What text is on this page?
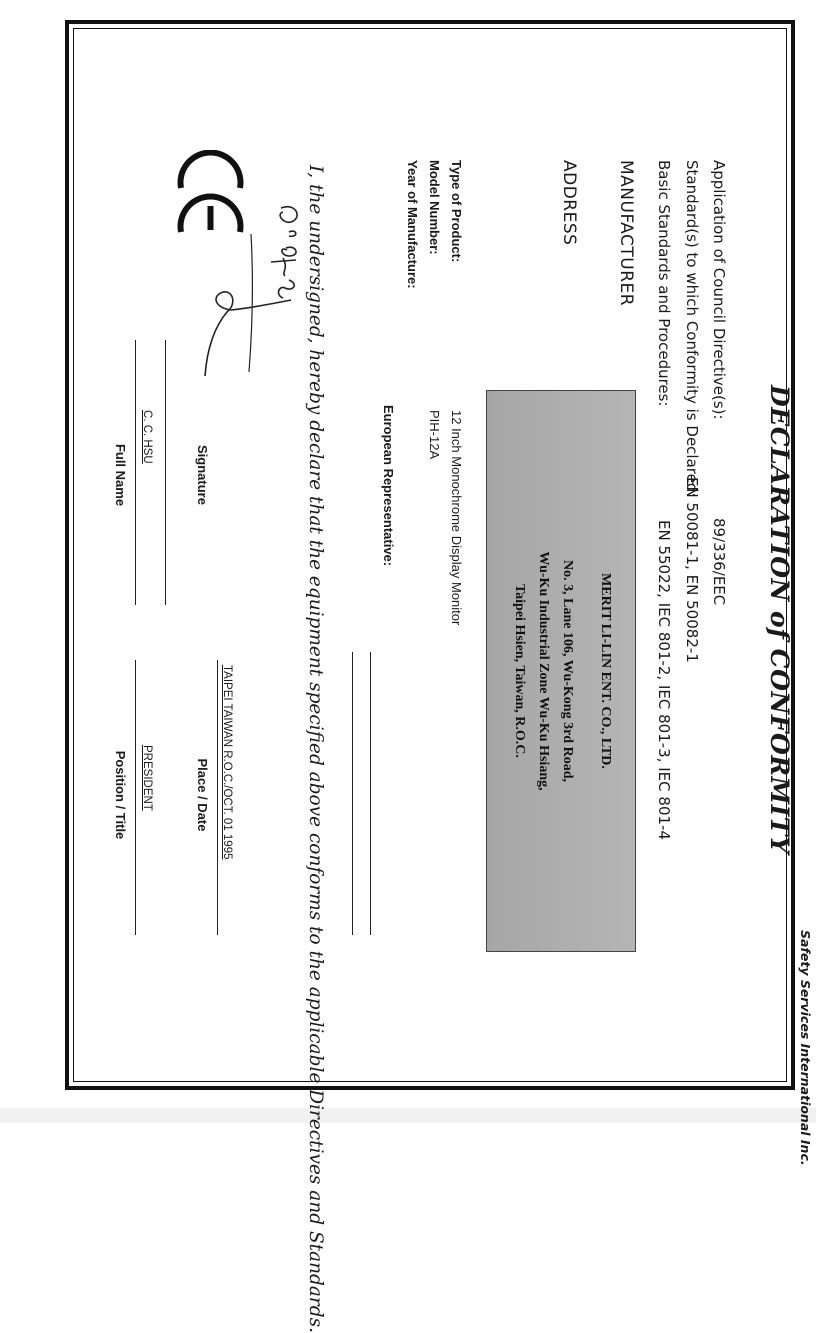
Safety Services International Inc.
DECLARATION of CONFORMITY
Application of Council Directive(s):
89/336/EEC
Standard(s) to which Conformity is Declared:
EN 50081-1, EN 50082-1
Basic Standards and Procedures:
EN 55022, IEC 801-2, IEC 801-3, IEC 801-4
MANUFACTURER
ADDRESS
MERIT LI-LIN ENT. CO., LTD.
No. 3, Lane 106, Wu-Kong 3rd Road,
Wu-Ku Industrial Zone Wu-Ku Hsiang,
Taipei Hsien, Taiwan, R.O.C.
Type of Product:
12 Inch Monochrome Display Monitor
Model Number:
PIH-12A
Year of Manufacture:
European Representative:
I, the undersigned, hereby declare that the equipment specified above conforms to the applicable Directives and Standards.
Signature
C. C. HSU
Full Name
TAIPEI TAIWAN R.O.C./OCT. 01 1995
Place / Date
PRESIDENT
Position / Title
